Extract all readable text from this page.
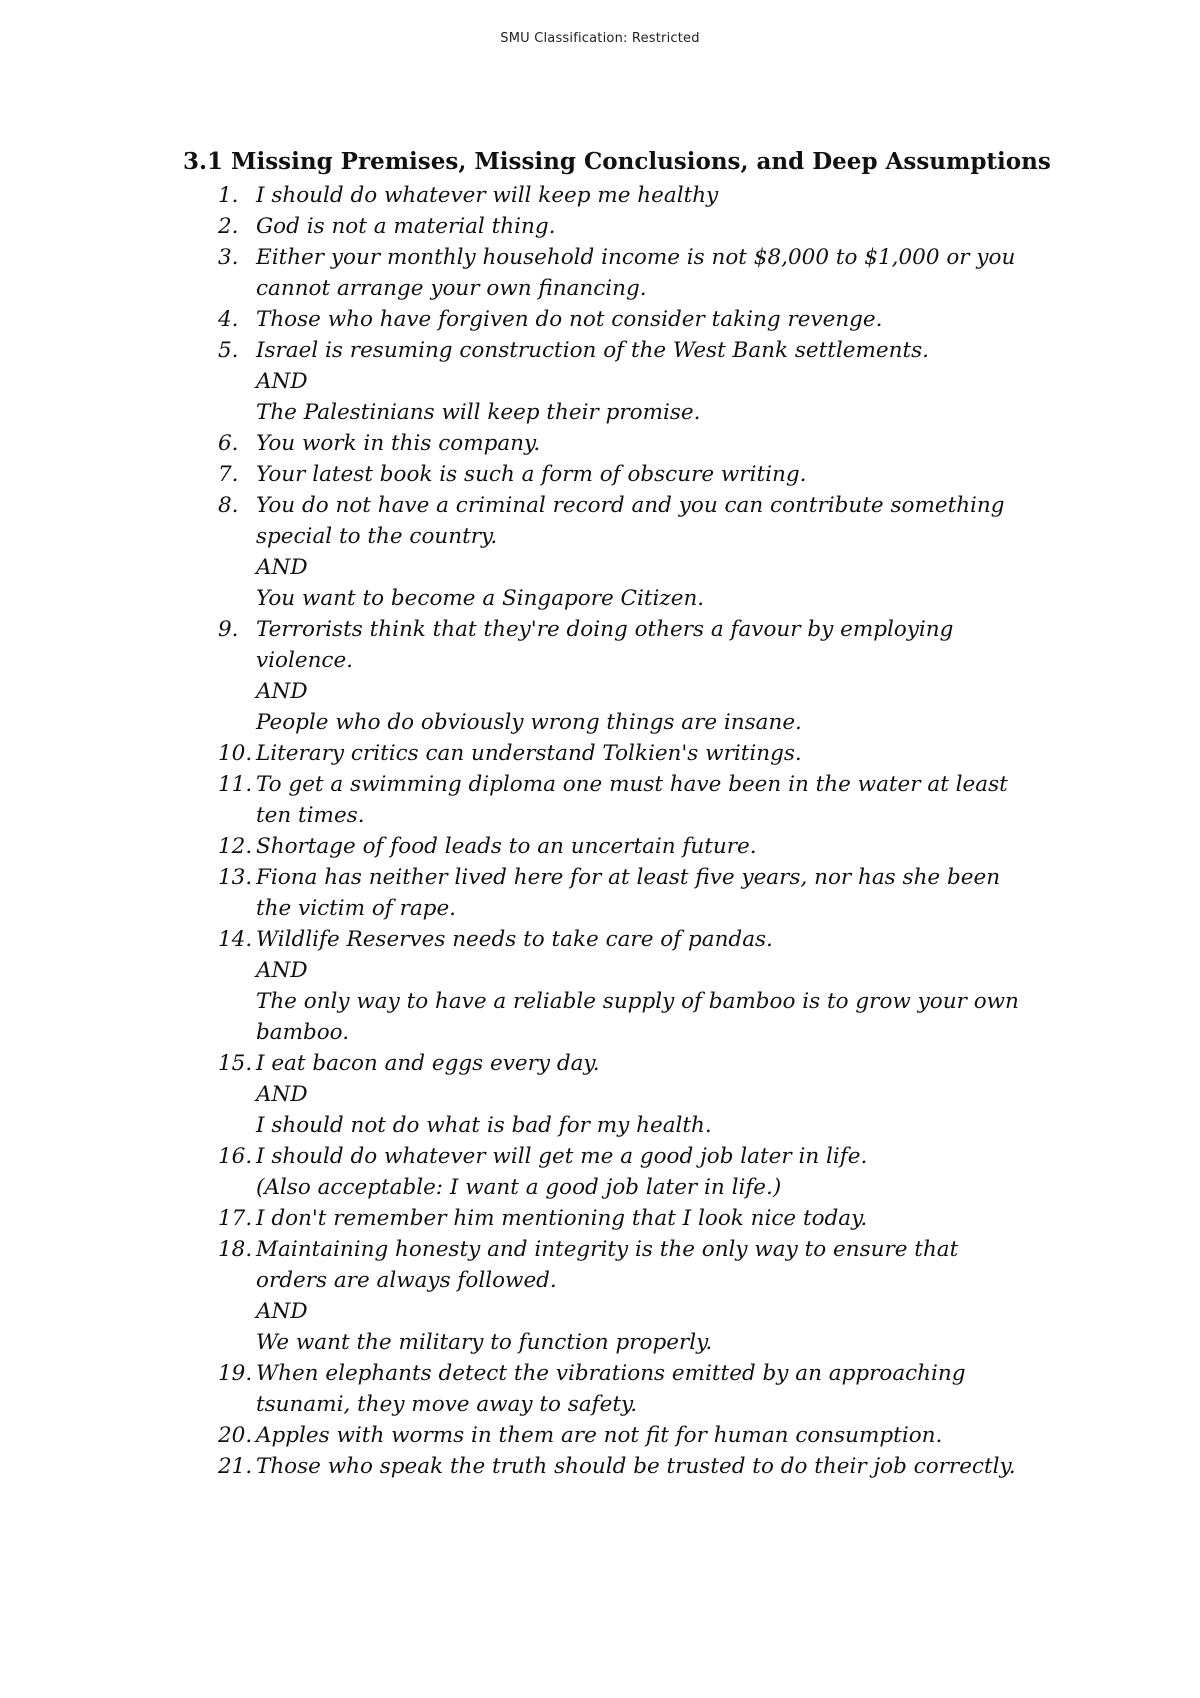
SMU Classification: Restricted
3.1 Missing Premises, Missing Conclusions, and Deep Assumptions
1. I should do whatever will keep me healthy
2. God is not a material thing.
3. Either your monthly household income is not $8,000 to $1,000 or you
cannot arrange your own financing.
4. Those who have forgiven do not consider taking revenge.
5. Israel is resuming construction of the West Bank settlements.
AND
The Palestinians will keep their promise.
6. You work in this company.
7. Your latest book is such a form of obscure writing.
8. You do not have a criminal record and you can contribute something
special to the country.
AND
You want to become a Singapore Citizen.
9. Terrorists think that they're doing others a favour by employing
violence.
AND
People who do obviously wrong things are insane.
10. Literary critics can understand Tolkien's writings.
11. To get a swimming diploma one must have been in the water at least
ten times.
12. Shortage of food leads to an uncertain future.
13. Fiona has neither lived here for at least five years, nor has she been
the victim of rape.
14. Wildlife Reserves needs to take care of pandas.
AND
The only way to have a reliable supply of bamboo is to grow your own
bamboo.
15. I eat bacon and eggs every day.
AND
I should not do what is bad for my health.
16. I should do whatever will get me a good job later in life.
(Also acceptable: I want a good job later in life.)
17. I don't remember him mentioning that I look nice today.
18. Maintaining honesty and integrity is the only way to ensure that
orders are always followed.
AND
We want the military to function properly.
19. When elephants detect the vibrations emitted by an approaching
tsunami, they move away to safety.
20. Apples with worms in them are not fit for human consumption.
21. Those who speak the truth should be trusted to do their job correctly.
